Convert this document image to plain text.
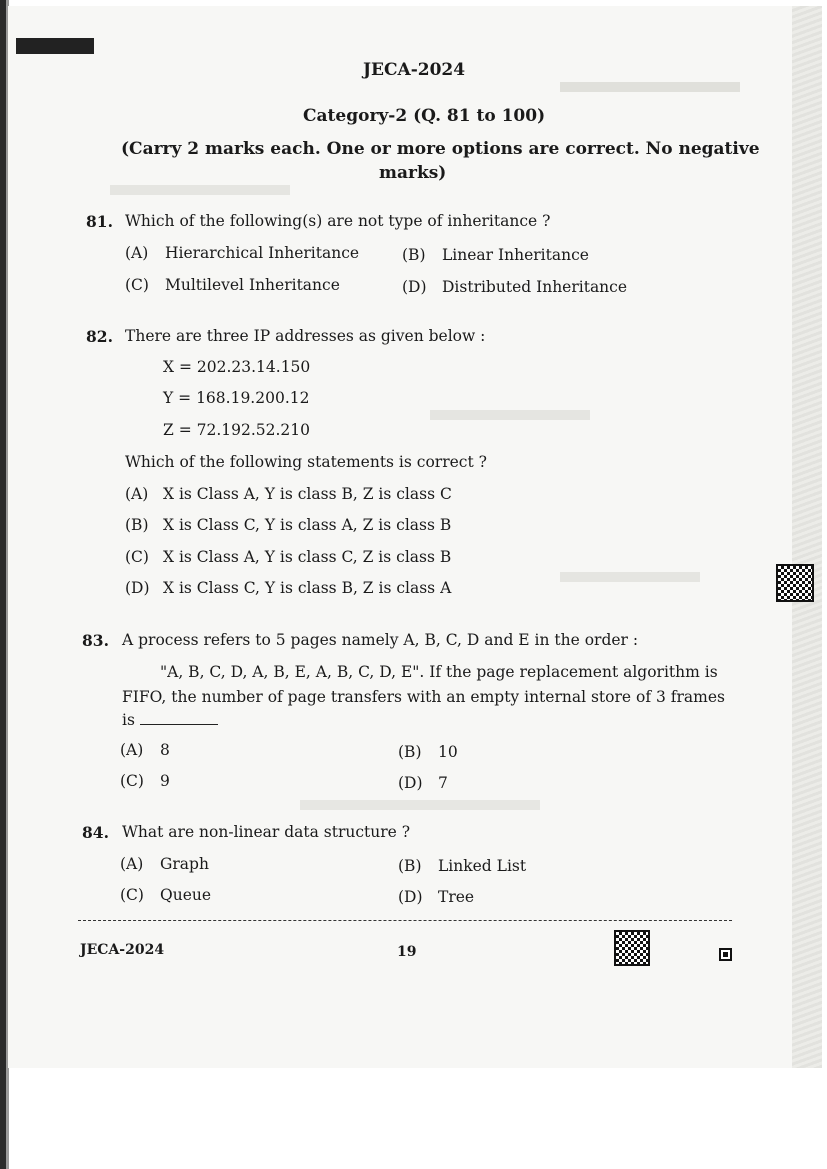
JECA-2024
Category-2 (Q. 81 to 100)
(Carry 2 marks each. One or more options are correct. No negative
marks)
81. Which of the following(s) are not type of inheritance ?
(A) Hierarchical Inheritance	(B) Linear Inheritance
(C) Multilevel Inheritance	(D) Distributed Inheritance
82. There are three IP addresses as given below :
X = 202.23.14.150
Y = 168.19.200.12
Z = 72.192.52.210
Which of the following statements is correct ?
(A) X is Class A, Y is class B, Z is class C
(B) X is Class C, Y is class A, Z is class B
(C) X is Class A, Y is class C, Z is class B
(D) X is Class C, Y is class B, Z is class A
83. A process refers to 5 pages namely A, B, C, D and E in the order :
"A, B, C, D, A, B, E, A, B, C, D, E". If the page replacement algorithm is
FIFO, the number of page transfers with an empty internal store of 3 frames
is
(A) 8	(B) 10
(C) 9	(D) 7
84. What are non-linear data structure ?
(A) Graph	(B) Linked List
(C) Queue	(D) Tree
JECA-2024	19
